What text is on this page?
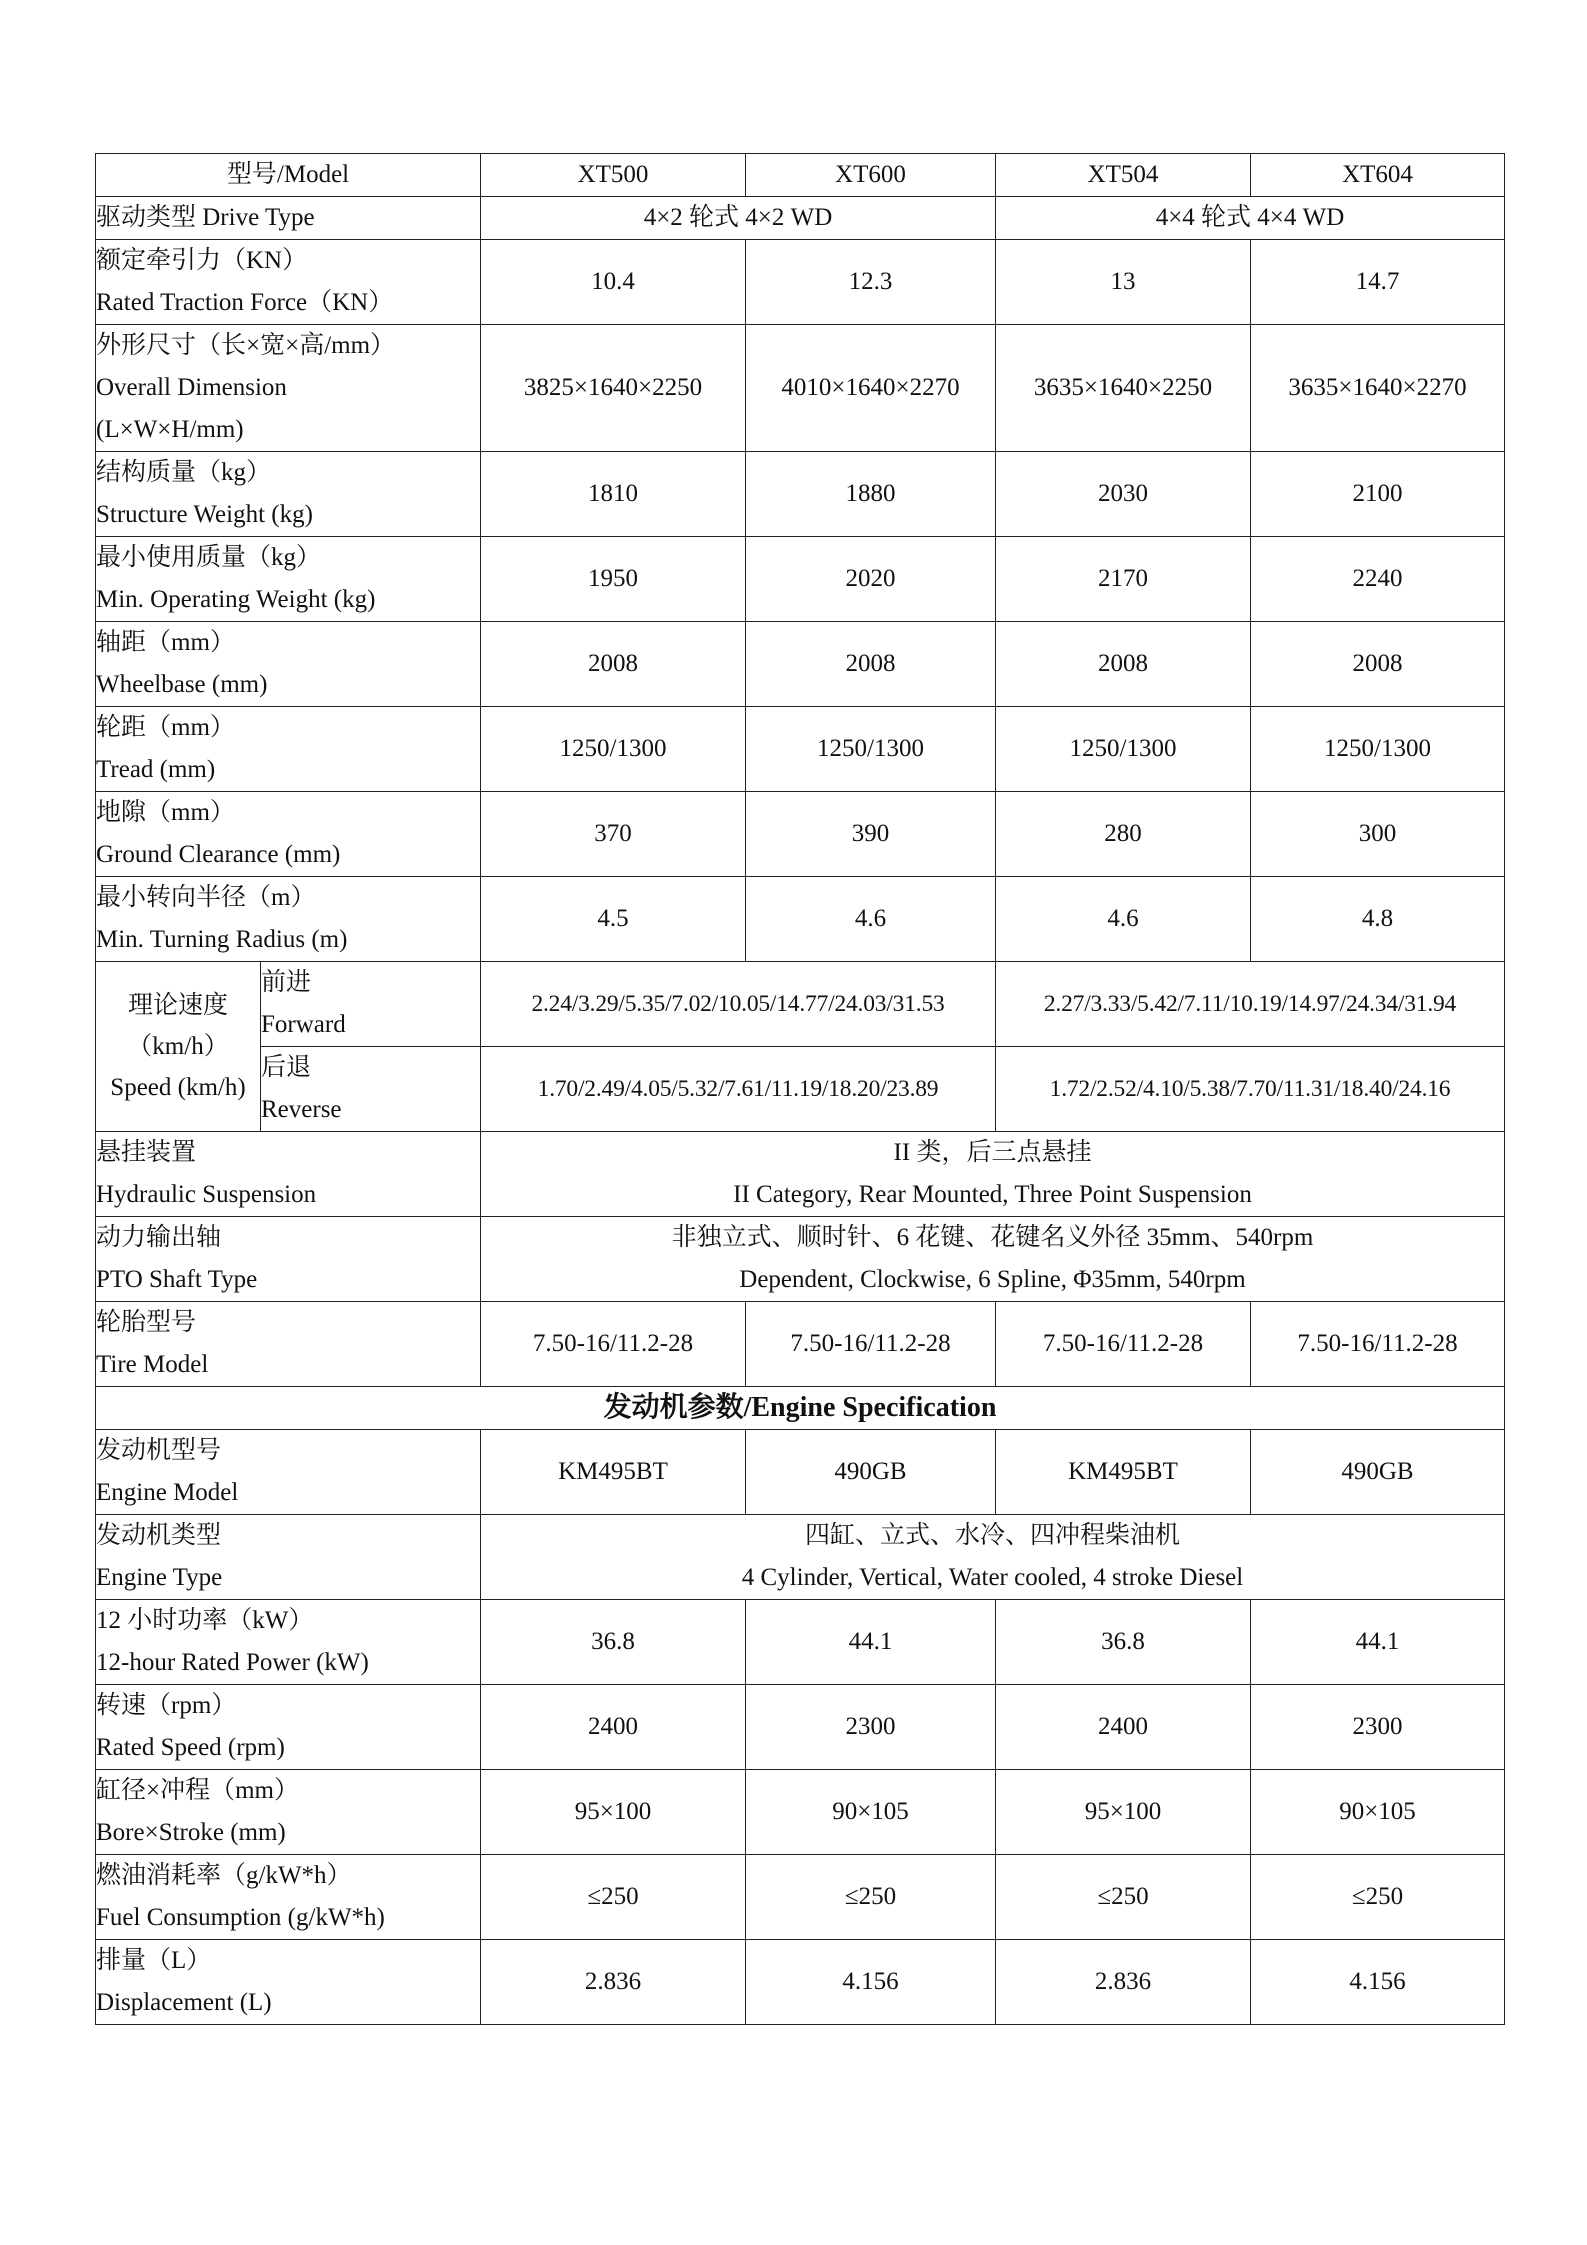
型号/Model		XT500	XT600	XT504	XT604
驱动类型 Drive Type		4×2 轮式 4×2 WD		4×4 轮式 4×4 WD	

额定牵引力（KN）
Rated Traction Force（KN）		10.4	12.3	13	14.7

外形尺寸（长×宽×高/mm）
Overall Dimension
(L×W×H/mm)		3825×1640×2250	4010×1640×2270	3635×1640×2250	3635×1640×2270

结构质量（kg）
Structure Weight (kg)		1810	1880	2030	2100

最小使用质量（kg）
Min. Operating Weight (kg)		1950	2020	2170	2240

轴距（mm）
Wheelbase (mm)		2008	2008	2008	2008

轮距（mm）
Tread (mm)		1250/1300	1250/1300	1250/1300	1250/1300

地隙（mm）
Ground Clearance (mm)		370	390	280	300

最小转向半径（m）
Min. Turning Radius (m)		4.5	4.6	4.6	4.8

理论速度
（km/h）
Speed (km/h)	前进
Forward	2.24/3.29/5.35/7.02/10.05/14.77/24.03/31.53		2.27/3.33/5.42/7.11/10.19/14.97/24.34/31.94	

	后退
Reverse	1.70/2.49/4.05/5.32/7.61/11.19/18.20/23.89		1.72/2.52/4.10/5.38/7.70/11.31/18.40/24.16	

悬挂装置
Hydraulic Suspension		II 类，后三点悬挂
II Category, Rear Mounted, Three Point Suspension			

动力输出轴
PTO Shaft Type		非独立式、顺时针、6 花键、花键名义外径 35mm、540rpm
Dependent, Clockwise, 6 Spline, Φ35mm, 540rpm			

轮胎型号
Tire Model		7.50-16/11.2-28	7.50-16/11.2-28	7.50-16/11.2-28	7.50-16/11.2-28
发动机参数/Engine Specification					

发动机型号
Engine Model		KM495BT	490GB	KM495BT	490GB

发动机类型
Engine Type		四缸、立式、水冷、四冲程柴油机
4 Cylinder, Vertical, Water cooled, 4 stroke Diesel			

12 小时功率（kW）
12-hour Rated Power (kW)		36.8	44.1	36.8	44.1

转速（rpm）
Rated Speed (rpm)		2400	2300	2400	2300

缸径×冲程（mm）
Bore×Stroke (mm)		95×100	90×105	95×100	90×105

燃油消耗率（g/kW*h）
Fuel Consumption (g/kW*h)		≤250	≤250	≤250	≤250

排量（L）
Displacement (L)		2.836	4.156	2.836	4.156
